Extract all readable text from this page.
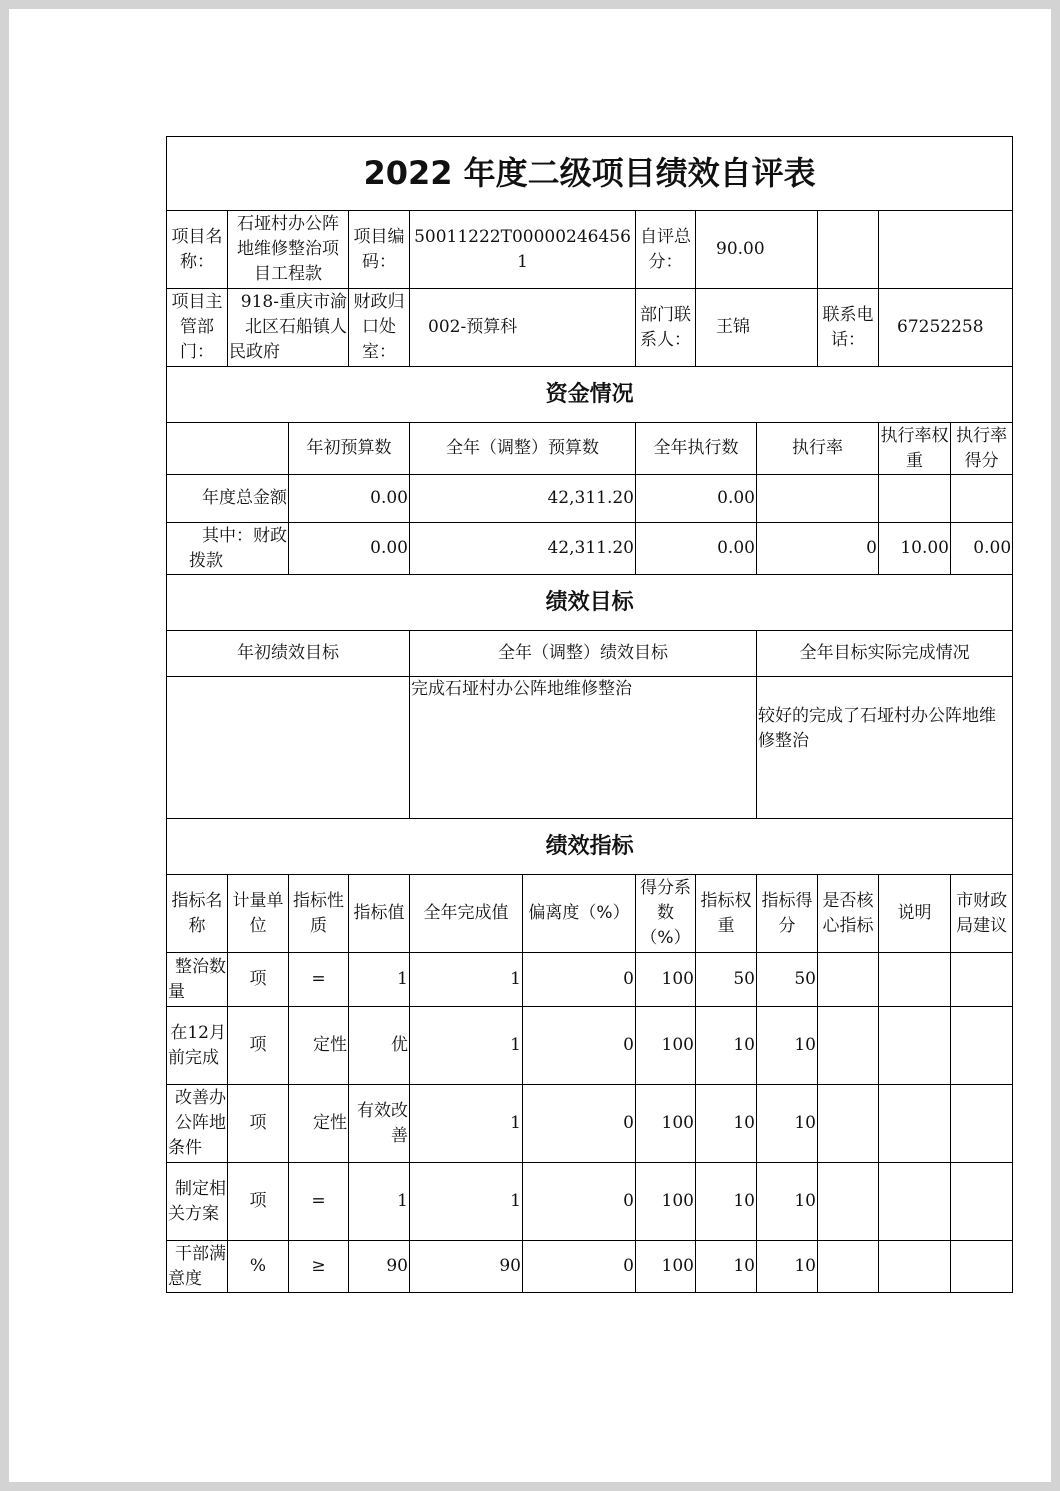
2022 年度二级项目绩效自评表											
项目名称：	石垭村办公阵地维修整治项目工程款		项目编码：	50011222T000002464561		自评总分：	90.00				
项目主管部门：	918-重庆市渝北区石船镇人民政府		财政归口处室：	002-预算科		部门联系人：	王锦		联系电话：	67252258	
资金情况											
		年初预算数		全年（调整）预算数		全年执行数		执行率		执行率权重	执行率得分
年度总金额		0.00		42,311.20		0.00					
其中：财政拨款		0.00		42,311.20		0.00		0		10.00	0.00
绩效目标											
年初绩效目标				全年（调整）绩效目标				全年目标实际完成情况			
				完成石垭村办公阵地维修整治				较好的完成了石垭村办公阵地维修整治			
绩效指标											
指标名称	计量单位	指标性质	指标值	全年完成值	偏离度（%）	得分系数（%）	指标权重	指标得分	是否核心指标	说明	市财政局建议
整治数量	项	=	1	1	0	100	50	50			
在12月前完成	项	定性	优	1	0	100	10	10			
改善办公阵地条件	项	定性	有效改善	1	0	100	10	10			
制定相关方案	项	=	1	1	0	100	10	10			
干部满意度	%	≥	90	90	0	100	10	10			
